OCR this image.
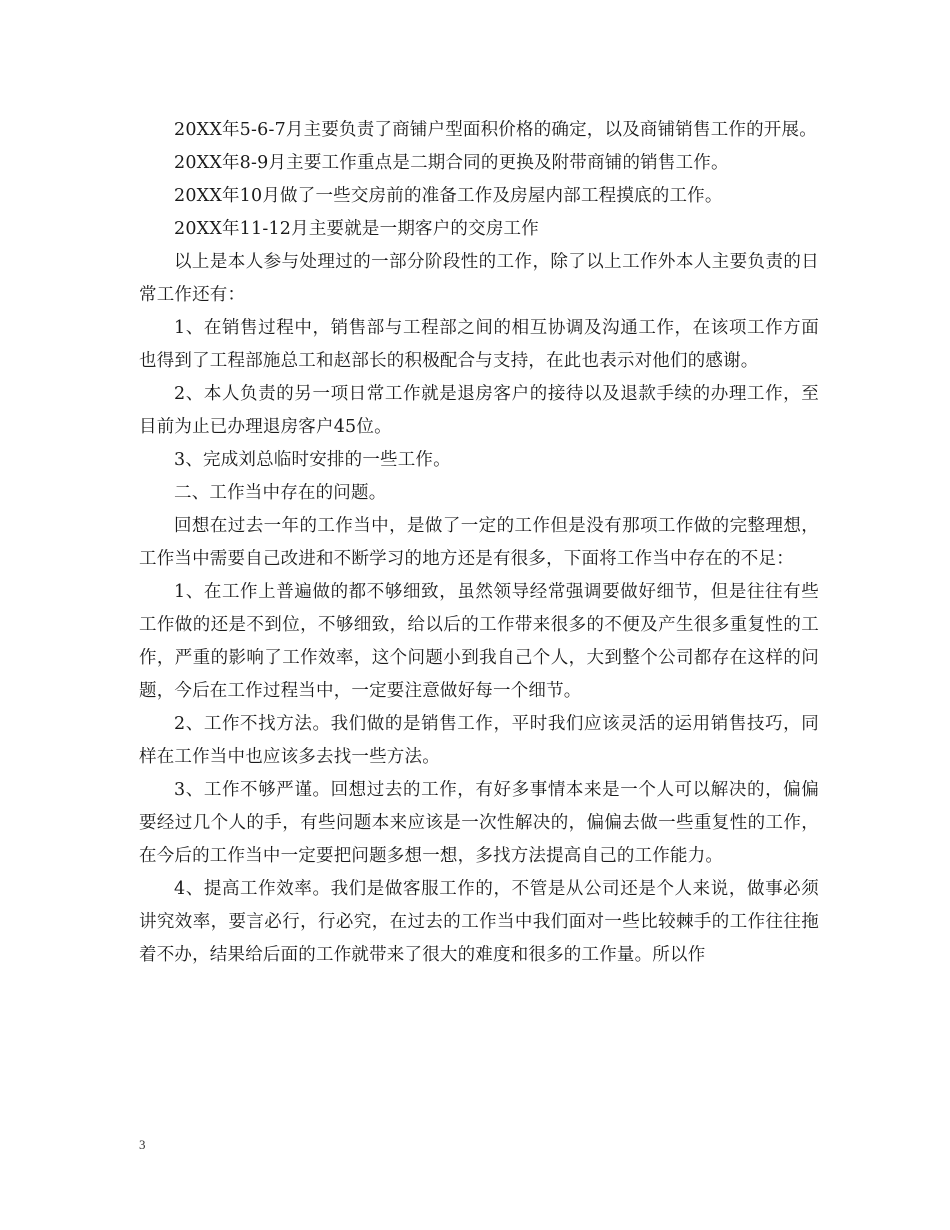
20XX年5-6-7月主要负责了商铺户型面积价格的确定，以及商铺销售工作的开展。

20XX年8-9月主要工作重点是二期合同的更换及附带商铺的销售工作。

20XX年10月做了一些交房前的准备工作及房屋内部工程摸底的工作。

20XX年11-12月主要就是一期客户的交房工作

以上是本人参与处理过的一部分阶段性的工作，除了以上工作外本人主要负责的日常工作还有：

1、在销售过程中，销售部与工程部之间的相互协调及沟通工作，在该项工作方面也得到了工程部施总工和赵部长的积极配合与支持，在此也表示对他们的感谢。

2、本人负责的另一项日常工作就是退房客户的接待以及退款手续的办理工作，至目前为止已办理退房客户45位。

3、完成刘总临时安排的一些工作。

二、工作当中存在的问题。

回想在过去一年的工作当中，是做了一定的工作但是没有那项工作做的完整理想，工作当中需要自己改进和不断学习的地方还是有很多，下面将工作当中存在的不足：

1、在工作上普遍做的都不够细致，虽然领导经常强调要做好细节，但是往往有些工作做的还是不到位，不够细致，给以后的工作带来很多的不便及产生很多重复性的工作，严重的影响了工作效率，这个问题小到我自己个人，大到整个公司都存在这样的问题，今后在工作过程当中，一定要注意做好每一个细节。

2、工作不找方法。我们做的是销售工作，平时我们应该灵活的运用销售技巧，同样在工作当中也应该多去找一些方法。

3、工作不够严谨。回想过去的工作，有好多事情本来是一个人可以解决的，偏偏要经过几个人的手，有些问题本来应该是一次性解决的，偏偏去做一些重复性的工作，在今后的工作当中一定要把问题多想一想，多找方法提高自己的工作能力。

4、提高工作效率。我们是做客服工作的，不管是从公司还是个人来说，做事必须讲究效率，要言必行，行必究，在过去的工作当中我们面对一些比较棘手的工作往往拖着不办，结果给后面的工作就带来了很大的难度和很多的工作量。所以作

3
